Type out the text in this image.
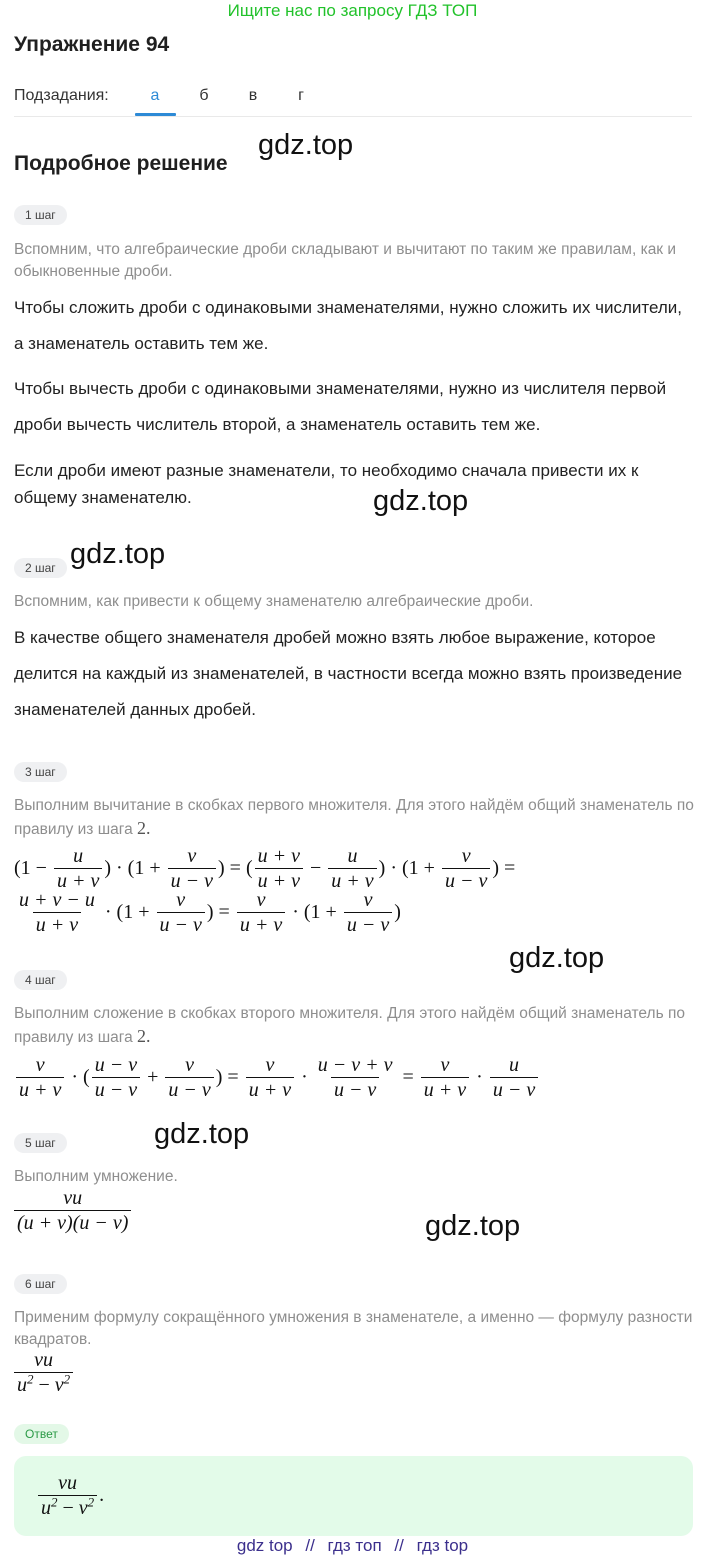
Ищите нас по запросу ГДЗ ТОП
Упражнение 94
Подзадания:	а	б	в	г
Подробное решение
gdz.top
gdz.top
gdz.top
gdz.top
gdz.top
gdz.top
1 шаг
Вспомним, что алгебраические дроби складывают и вычитают по таким же правилам, как и обыкновенные дроби.
Чтобы сложить дроби с одинаковыми знаменателями, нужно сложить их числители, а знаменатель оставить тем же.
Чтобы вычесть дроби с одинаковыми знаменателями, нужно из числителя первой дроби вычесть числитель второй, а знаменатель оставить тем же.
Если дроби имеют разные знаменатели, то необходимо сначала привести их к общему знаменателю.
2 шаг
Вспомним, как привести к общему знаменателю алгебраические дроби.
В качестве общего знаменателя дробей можно взять любое выражение, которое делится на каждый из знаменателей, в частности всегда можно взять произведение знаменателей данных дробей.
3 шаг
Выполним вычитание в скобках первого множителя. Для этого найдём общий знаменатель по правилу из шага 2.
( $1 - \frac{u}{u + v}$ ) · ( $1 + \frac{v}{u - v}$ ) = ( $\frac{u + v}{u + v} - \frac{u}{u + v}$ ) · ( $1 + \frac{v}{u - v}$ ) =
$\frac{u + v - u}{u + v}$ · ( $1 + \frac{v}{u - v}$ ) = $\frac{v}{u + v}$ · ( $1 + \frac{v}{u - v}$ )
4 шаг
Выполним сложение в скобках второго множителя. Для этого найдём общий знаменатель по правилу из шага 2.
$\frac{v}{u + v}$ · ( $\frac{u - v}{u - v} + \frac{v}{u - v}$ ) = $\frac{v}{u + v} \cdot \frac{u - v + v}{u - v} = \frac{v}{u + v} \cdot \frac{u}{u - v}$
5 шаг
Выполним умножение.
$\frac{vu}{(u + v)(u - v)}$
6 шаг
Применим формулу сокращённого умножения в знаменателе, а именно — формулу разности квадратов.
$\frac{vu}{u^2 - v^2}$
Ответ
$\frac{vu}{u^2 - v^2}$ .
gdz top // гдз топ // гдз top
